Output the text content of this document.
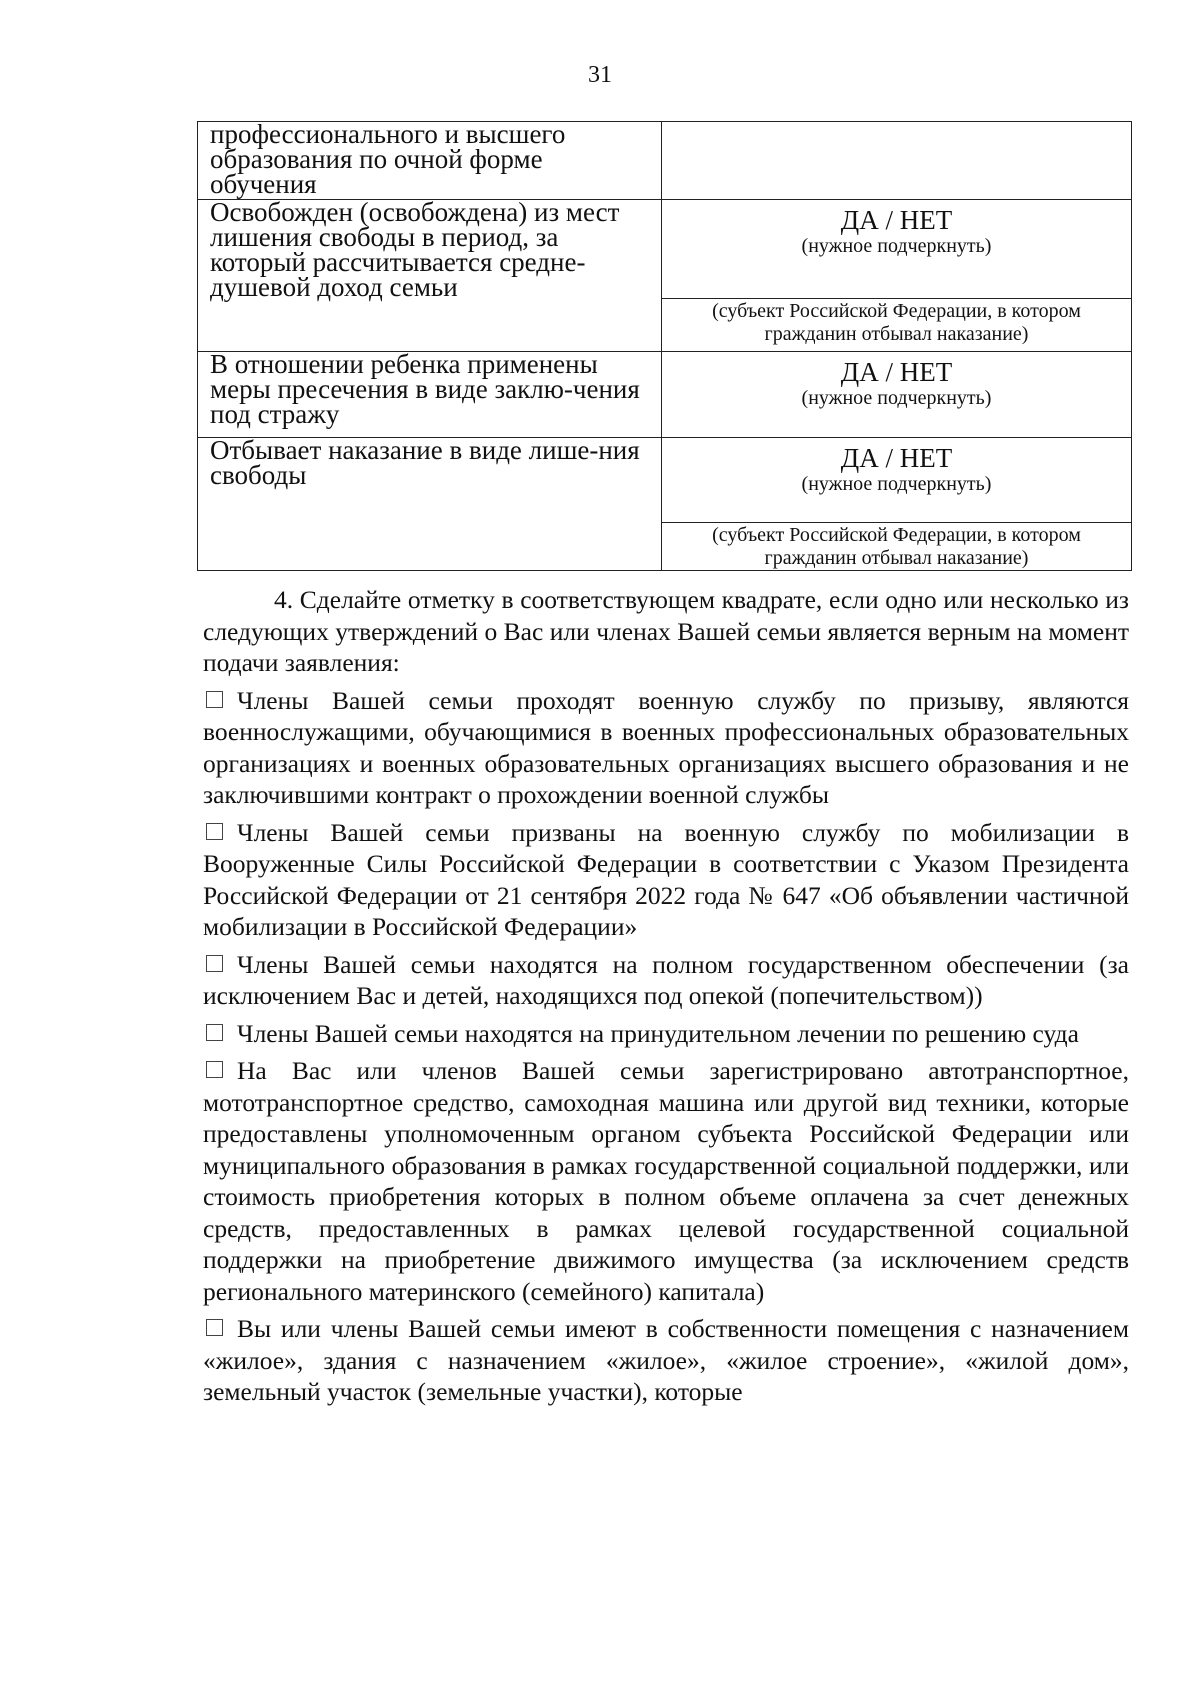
31
профессионального и высшего образования по очной форме обучения	
Освобожден (освобождена) из мест лишения свободы в период, за который рассчитывается средне-душевой доход семьи	ДА / НЕТ
(нужное подчеркнуть)
(субъект Российской Федерации, в котором гражданин отбывал наказание)

В отношении ребенка применены меры пресечения в виде заклю-чения под стражу	ДА / НЕТ
(нужное подчеркнуть)

Отбывает наказание в виде лише-ния свободы	ДА / НЕТ
(нужное подчеркнуть)
(субъект Российской Федерации, в котором гражданин отбывал наказание)

4. Сделайте отметку в соответствующем квадрате, если одно или несколько из следующих утверждений о Вас или членах Вашей семьи является верным на момент подачи заявления:

Члены Вашей семьи проходят военную службу по призыву, являются военнослужащими, обучающимися в военных профессиональных образовательных организациях и военных образовательных организациях высшего образования и не заключившими контракт о прохождении военной службы

Члены Вашей семьи призваны на военную службу по мобилизации в Вооруженные Силы Российской Федерации в соответствии с Указом Президента Российской Федерации от 21 сентября 2022 года № 647 «Об объявлении частичной мобилизации в Российской Федерации»

Члены Вашей семьи находятся на полном государственном обеспечении (за исключением Вас и детей, находящихся под опекой (попечительством))

Члены Вашей семьи находятся на принудительном лечении по решению суда

На Вас или членов Вашей семьи зарегистрировано автотранспортное, мототранспортное средство, самоходная машина или другой вид техники, которые предоставлены уполномоченным органом субъекта Российской Федерации или муниципального образования в рамках государственной социальной поддержки, или стоимость приобретения которых в полном объеме оплачена за счет денежных средств, предоставленных в рамках целевой государственной социальной поддержки на приобретение движимого имущества (за исключением средств регионального материнского (семейного) капитала)

Вы или члены Вашей семьи имеют в собственности помещения с назначением «жилое», здания с назначением «жилое», «жилое строение», «жилой дом», земельный участок (земельные участки), которые
